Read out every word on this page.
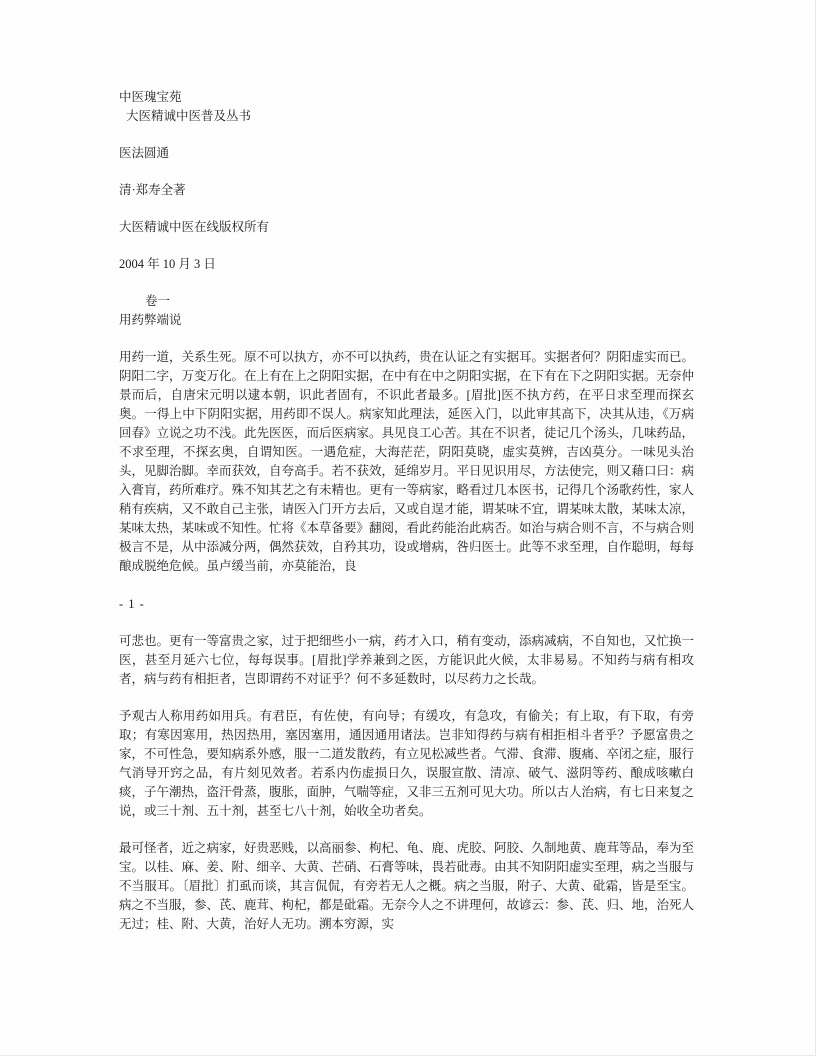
中医瑰宝苑

大医精诚中医普及丛书

医法圆通

清·郑寿全著

大医精诚中医在线版权所有

2004 年 10 月 3 日

卷一

用药弊端说

用药一道，关系生死。原不可以执方，亦不可以执药，贵在认证之有实据耳。实据者何？阴阳虚实而已。阴阳二字，万变万化。在上有在上之阴阳实据，在中有在中之阴阳实据，在下有在下之阴阳实据。无奈仲景而后，自唐宋元明以逮本朝，识此者固有，不识此者最多。[眉批]医不执方药，在平日求至理而探玄奥。一得上中下阴阳实据，用药即不误人。病家知此理法，延医入门，以此审其高下，决其从违，《万病回春》立说之功不浅。此先医医，而后医病家。具见良工心苦。其在不识者，徒记几个汤头，几味药品，不求至理，不探玄奥，自谓知医。一遇危症，大海茫茫，阴阳莫晓，虚实莫辨，吉凶莫分。一味见头治头，见脚治脚。幸而获效，自夸高手。若不获效，延绵岁月。平日见识用尽，方法使完，则又藉口曰：病入膏肓，药所难疗。殊不知其艺之有未精也。更有一等病家，略看过几本医书，记得几个汤歌药性，家人稍有疾病，又不敢自己主张，请医入门开方去后，又或自逞才能，谓某味不宜，谓某味太散，某味太凉，某味太热，某味或不知性。忙将《本草备要》翻阅，看此药能治此病否。如治与病合则不言，不与病合则极言不是，从中添减分两，偶然获效，自矜其功，设或增病，咎归医士。此等不求至理，自作聪明，每每酿成脱绝危候。虽卢缓当前，亦莫能治，良

- 1 -

可悲也。更有一等富贵之家，过于把细些小一病，药才入口，稍有变动，添病减病，不自知也，又忙换一医，甚至月延六七位，每每误事。[眉批]学养兼到之医，方能识此火候，太非易易。不知药与病有相攻者，病与药有相拒者，岂即谓药不对证乎？何不多延数时，以尽药力之长哉。

予观古人称用药如用兵。有君臣，有佐使，有向导；有缓攻，有急攻，有偷关；有上取，有下取，有旁取；有寒因寒用，热因热用，塞因塞用，通因通用诸法。岂非知得药与病有相拒相斗者乎？予愿富贵之家，不可性急，要知病系外感，服一二道发散药，有立见松减些者。气滞、食滞、腹痛、卒闭之症，服行气消导开窍之品，有片刻见效者。若系内伤虚损日久，误服宣散、清凉、破气、滋阴等药、酿成咳嗽白痰，子午潮热，盗汗骨蒸，腹胀，面肿，气喘等症，又非三五剂可见大功。所以古人治病，有七日来复之说，或三十剂、五十剂，甚至七八十剂，始收全功者矣。

最可怪者，近之病家，好贵恶贱，以高丽参、枸杞、龟、鹿、虎胶、阿胶、久制地黄、鹿茸等品，奉为至宝。以桂、麻、姜、附、细辛、大黄、芒硝、石膏等味，畏若砒毒。由其不知阴阳虚实至理，病之当服与不当服耳。〔眉批〕扪虱而谈，其言侃侃，有旁若无人之概。病之当服，附子、大黄、砒霜，皆是至宝。病之不当服，参、芪、鹿茸、枸杞，都是砒霜。无奈今人之不讲理何，故谚云：参、芪、归、地，治死人无过；桂、附、大黄，治好人无功。溯本穷源，实
